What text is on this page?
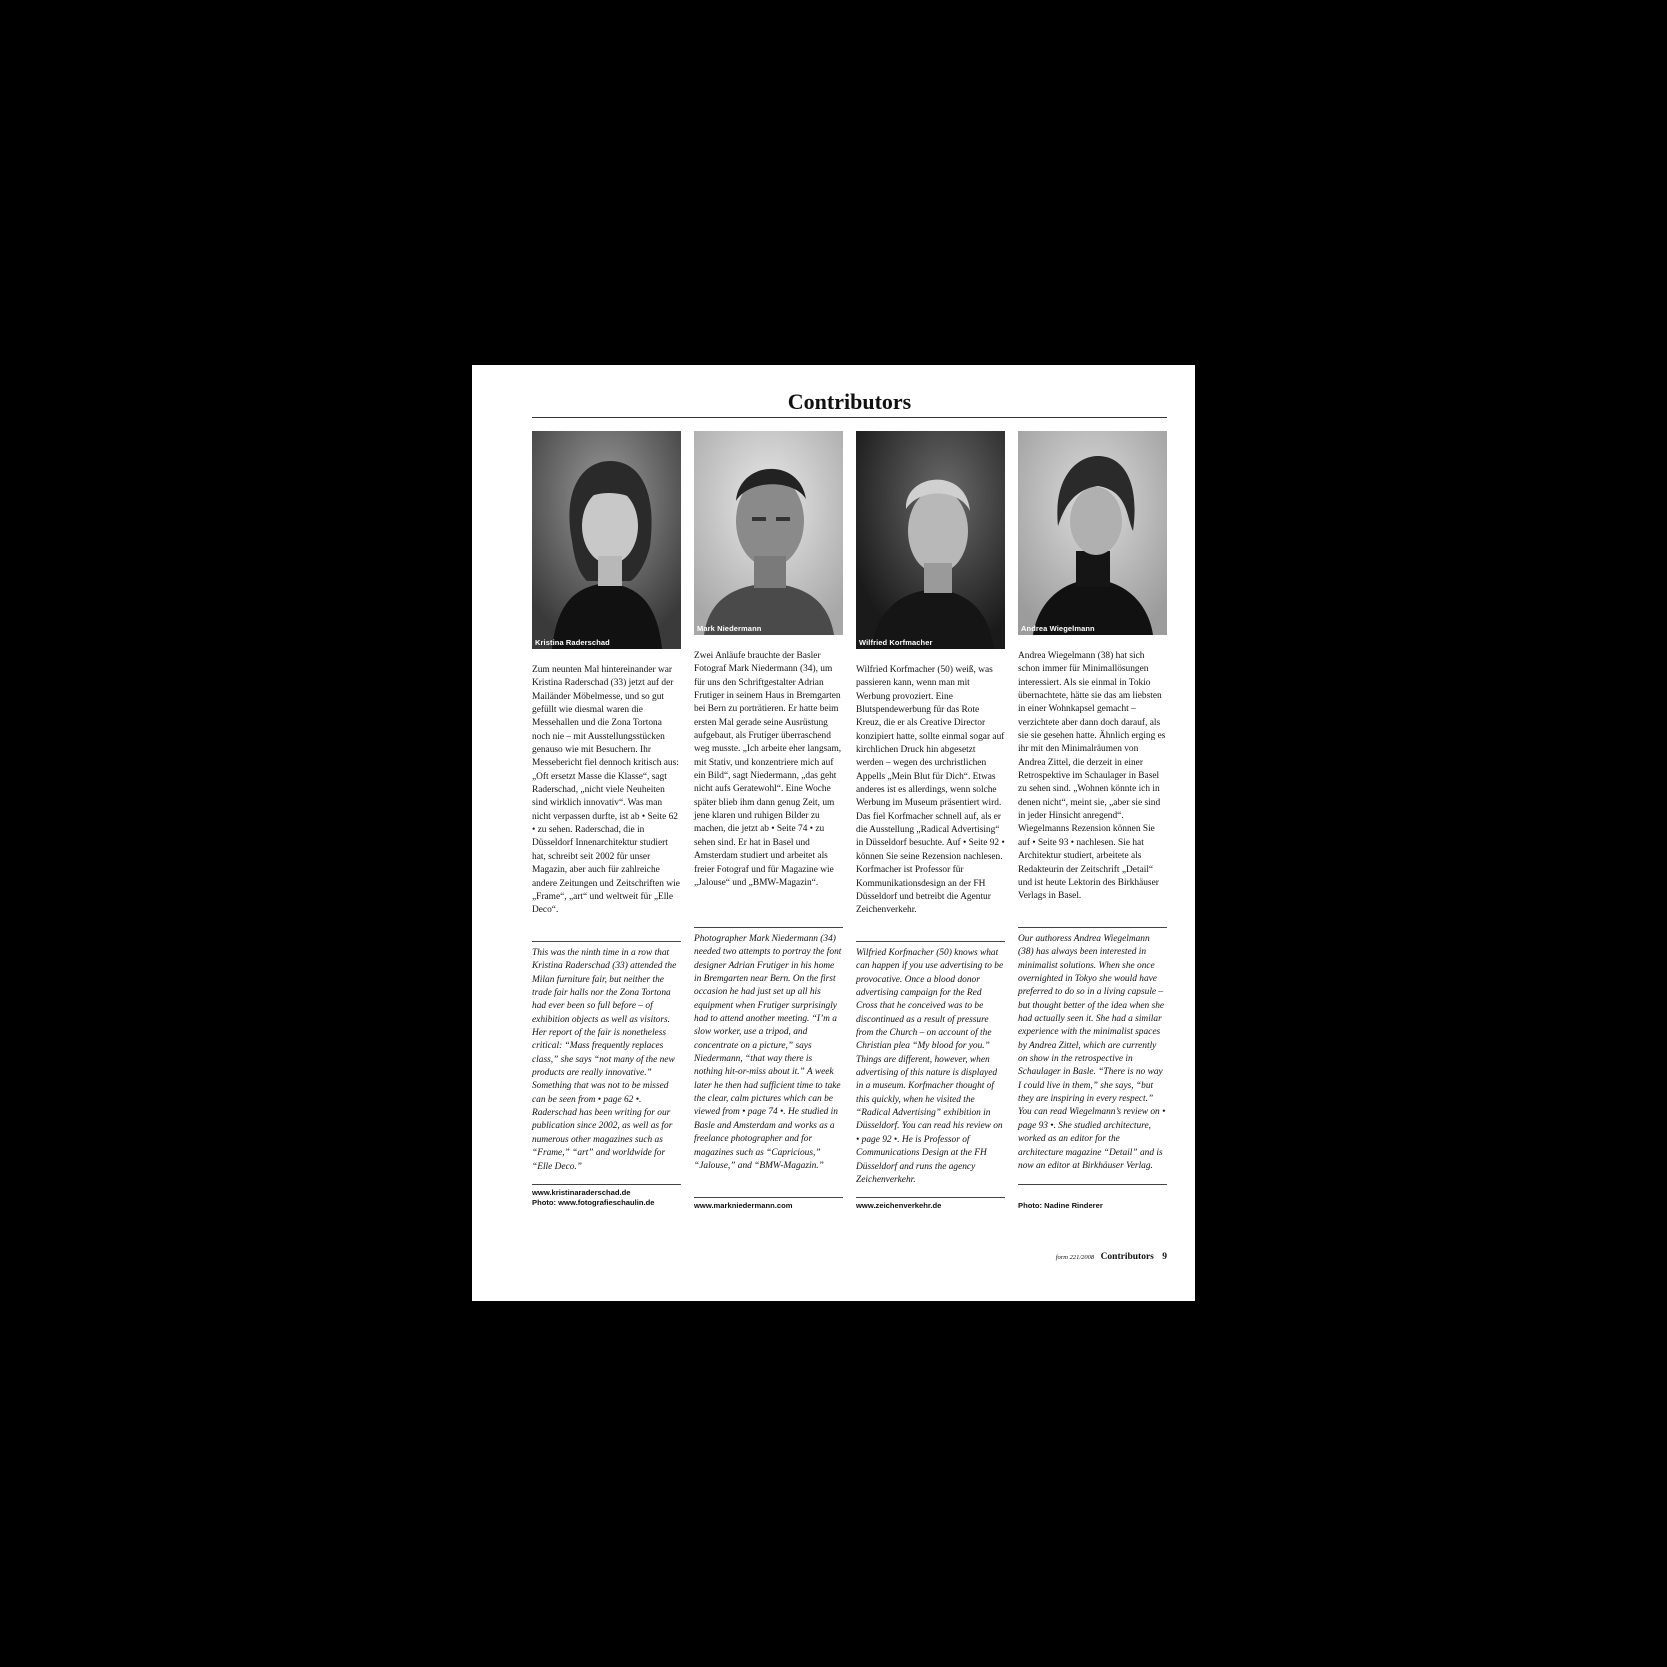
Contributors
Kristina Raderschad

Zum neunten Mal hintereinander war Kristina Raderschad (33) jetzt auf der Mailänder Möbelmesse, und so gut gefüllt wie diesmal waren die Messehallen und die Zona Tortona noch nie – mit Ausstellungsstücken genauso wie mit Besuchern. Ihr Messebericht fiel dennoch kritisch aus: „Oft ersetzt Masse die Klasse“, sagt Raderschad, „nicht viele Neuheiten sind wirklich innovativ“. Was man nicht verpassen durfte, ist ab • Seite 62 • zu sehen. Raderschad, die in Düsseldorf Innenarchitektur studiert hat, schreibt seit 2002 für unser Magazin, aber auch für zahlreiche andere Zeitungen und Zeitschriften wie „Frame“, „art“ und weltweit für „Elle Deco“.

This was the ninth time in a row that Kristina Raderschad (33) attended the Milan furniture fair, but neither the trade fair halls nor the Zona Tortona had ever been so full before – of exhibition objects as well as visitors. Her report of the fair is nonetheless critical: “Mass frequently replaces class,” she says “not many of the new products are really innovative.” Something that was not to be missed can be seen from • page 62 •. Raderschad has been writing for our publication since 2002, as well as for numerous other magazines such as “Frame,” “art” and worldwide for “Elle Deco.”

www.kristinaraderschad.de
Photo: www.fotografieschaulin.de
Mark Niedermann

Zwei Anläufe brauchte der Basler Fotograf Mark Niedermann (34), um für uns den Schriftgestalter Adrian Frutiger in seinem Haus in Bremgarten bei Bern zu porträtieren. Er hatte beim ersten Mal gerade seine Ausrüstung aufgebaut, als Frutiger überraschend weg musste. „Ich arbeite eher langsam, mit Stativ, und konzentriere mich auf ein Bild“, sagt Niedermann, „das geht nicht aufs Geratewohl“. Eine Woche später blieb ihm dann genug Zeit, um jene klaren und ruhigen Bilder zu machen, die jetzt ab • Seite 74 • zu sehen sind. Er hat in Basel und Amsterdam studiert und arbeitet als freier Fotograf und für Magazine wie „Jalouse“ und „BMW-Magazin“.

Photographer Mark Niedermann (34) needed two attempts to portray the font designer Adrian Frutiger in his home in Bremgarten near Bern. On the first occasion he had just set up all his equipment when Frutiger surprisingly had to attend another meeting. “I’m a slow worker, use a tripod, and concentrate on a picture,” says Niedermann, “that way there is nothing hit-or-miss about it.” A week later he then had sufficient time to take the clear, calm pictures which can be viewed from • page 74 •. He studied in Basle and Amsterdam and works as a freelance photographer and for magazines such as “Capricious,” “Jalouse,” and “BMW-Magazin.”

www.markniedermann.com
Wilfried Korfmacher

Wilfried Korfmacher (50) weiß, was passieren kann, wenn man mit Werbung provoziert. Eine Blutspendewerbung für das Rote Kreuz, die er als Creative Director konzipiert hatte, sollte einmal sogar auf kirchlichen Druck hin abgesetzt werden – wegen des urchristlichen Appells „Mein Blut für Dich“. Etwas anderes ist es allerdings, wenn solche Werbung im Museum präsentiert wird. Das fiel Korfmacher schnell auf, als er die Ausstellung „Radical Advertising“ in Düsseldorf besuchte. Auf • Seite 92 • können Sie seine Rezension nachlesen. Korfmacher ist Professor für Kommunikationsdesign an der FH Düsseldorf und betreibt die Agentur Zeichenverkehr.

Wilfried Korfmacher (50) knows what can happen if you use advertising to be provocative. Once a blood donor advertising campaign for the Red Cross that he conceived was to be discontinued as a result of pressure from the Church – on account of the Christian plea “My blood for you.” Things are different, however, when advertising of this nature is displayed in a museum. Korfmacher thought of this quickly, when he visited the “Radical Advertising” exhibition in Düsseldorf. You can read his review on • page 92 •. He is Professor of Communications Design at the FH Düsseldorf and runs the agency Zeichenverkehr.

www.zeichenverkehr.de
Andrea Wiegelmann

Andrea Wiegelmann (38) hat sich schon immer für Minimallösungen interessiert. Als sie einmal in Tokio übernachtete, hätte sie das am liebsten in einer Wohnkapsel gemacht – verzichtete aber dann doch darauf, als sie sie gesehen hatte. Ähnlich erging es ihr mit den Minimalräumen von Andrea Zittel, die derzeit in einer Retrospektive im Schaulager in Basel zu sehen sind. „Wohnen könnte ich in denen nicht“, meint sie, „aber sie sind in jeder Hinsicht anregend“. Wiegelmanns Rezension können Sie auf • Seite 93 • nachlesen. Sie hat Architektur studiert, arbeitete als Redakteurin der Zeitschrift „Detail“ und ist heute Lektorin des Birkhäuser Verlags in Basel.

Our authoress Andrea Wiegelmann (38) has always been interested in minimalist solutions. When she once overnighted in Tokyo she would have preferred to do so in a living capsule – but thought better of the idea when she had actually seen it. She had a similar experience with the minimalist spaces by Andrea Zittel, which are currently on show in the retrospective in Schaulager in Basle. “There is no way I could live in them,” she says, “but they are inspiring in every respect.” You can read Wiegelmann’s review on • page 93 •. She studied architecture, worked as an editor for the architecture magazine “Detail” and is now an editor at Birkhäuser Verlag.

Photo: Nadine Rinderer
form 221/2008 Contributors 9
